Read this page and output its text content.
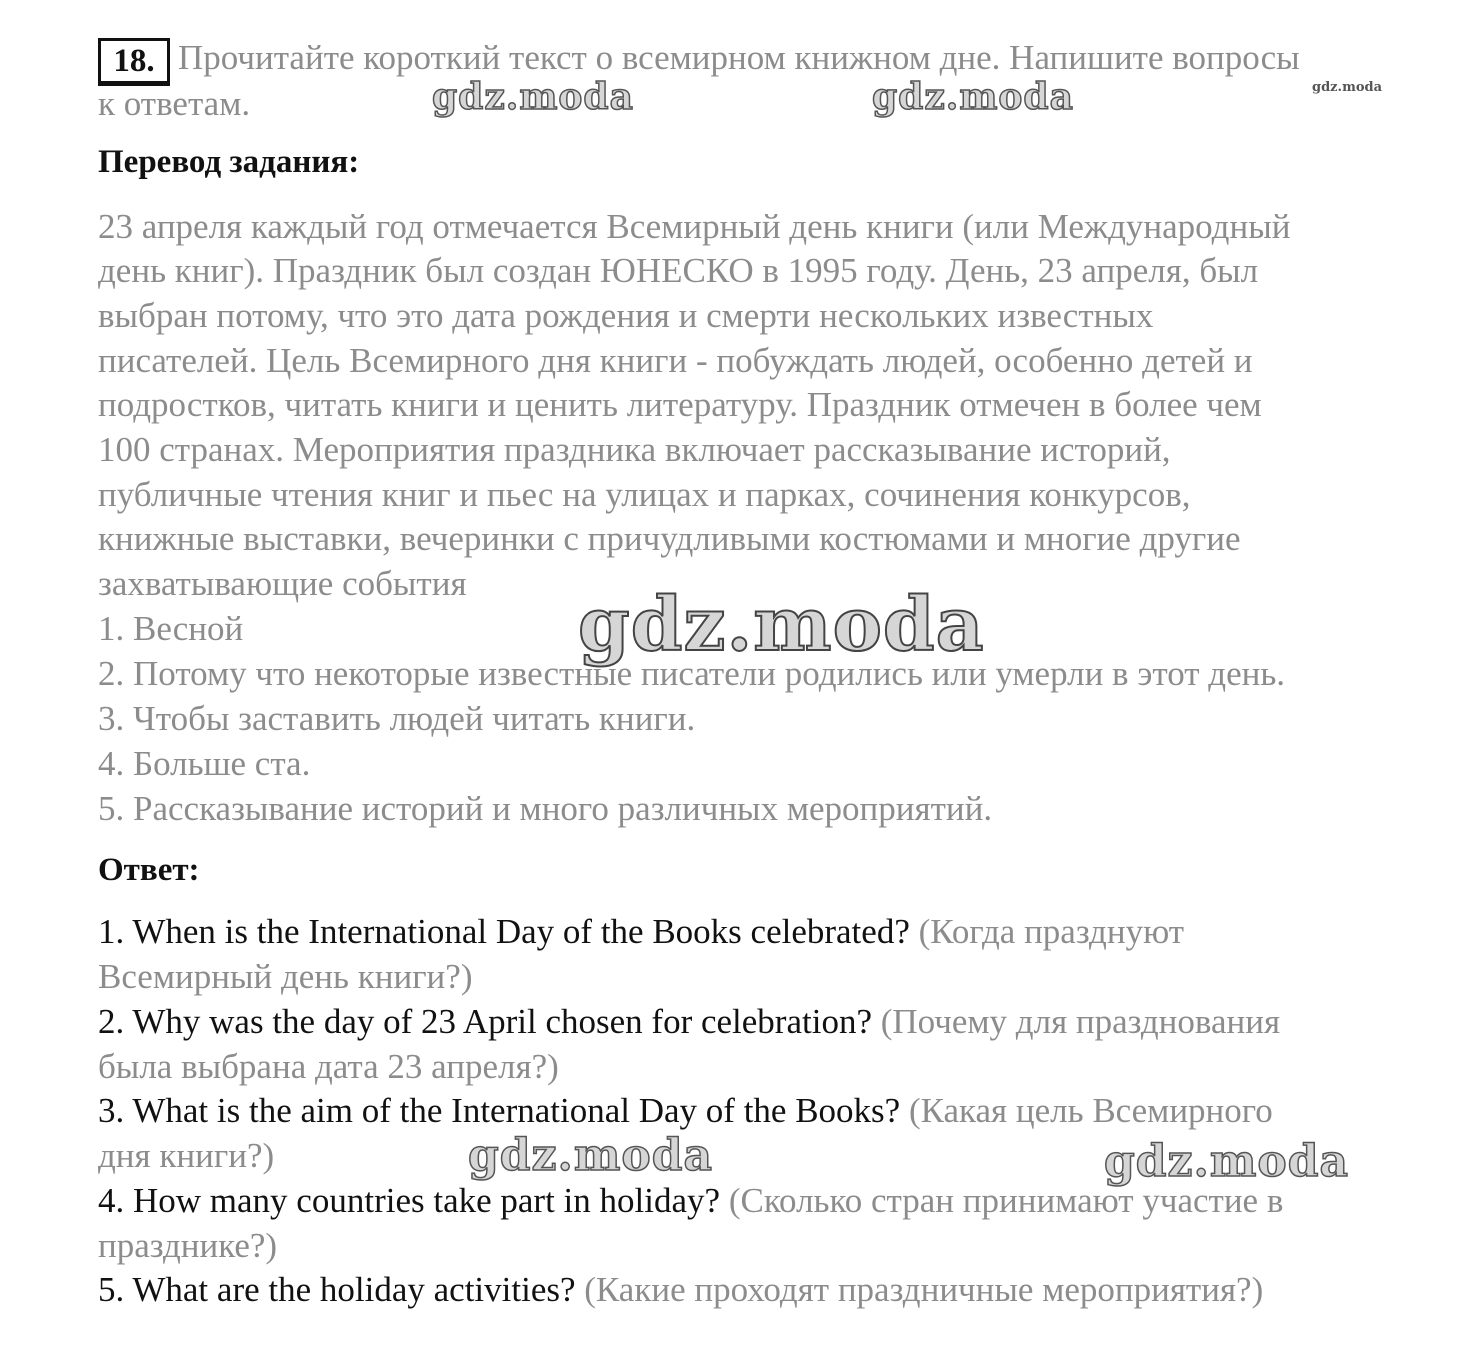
18. Прочитайте короткий текст о всемирном книжном дне. Напишите вопросы
к ответам.
Перевод задания:
23 апреля каждый год отмечается Всемирный день книги (или Международный
день книг). Праздник был создан ЮНЕСКО в 1995 году. День, 23 апреля, был
выбран потому, что это дата рождения и смерти нескольких известных
писателей. Цель Всемирного дня книги - побуждать людей, особенно детей и
подростков, читать книги и ценить литературу. Праздник отмечен в более чем
100 странах. Мероприятия праздника включает рассказывание историй,
публичные чтения книг и пьес на улицах и парках, сочинения конкурсов,
книжные выставки, вечеринки с причудливыми костюмами и многие другие
захватывающие события
1. Весной
2. Потому что некоторые известные писатели родились или умерли в этот день.
3. Чтобы заставить людей читать книги.
4. Больше ста.
5. Рассказывание историй и много различных мероприятий.
Ответ:
1. When is the International Day of the Books celebrated? (Когда празднуют
Всемирный день книги?)
2. Why was the day of 23 April chosen for celebration? (Почему для празднования
была выбрана дата 23 апреля?)
3. What is the aim of the International Day of the Books? (Какая цель Всемирного
дня книги?)
4. How many countries take part in holiday? (Сколько стран принимают участие в
празднике?)
5. What are the holiday activities? (Какие проходят праздничные мероприятия?)
gdz.moda	gdz.moda	gdz.moda
gdz.moda
gdz.moda	gdz.moda
